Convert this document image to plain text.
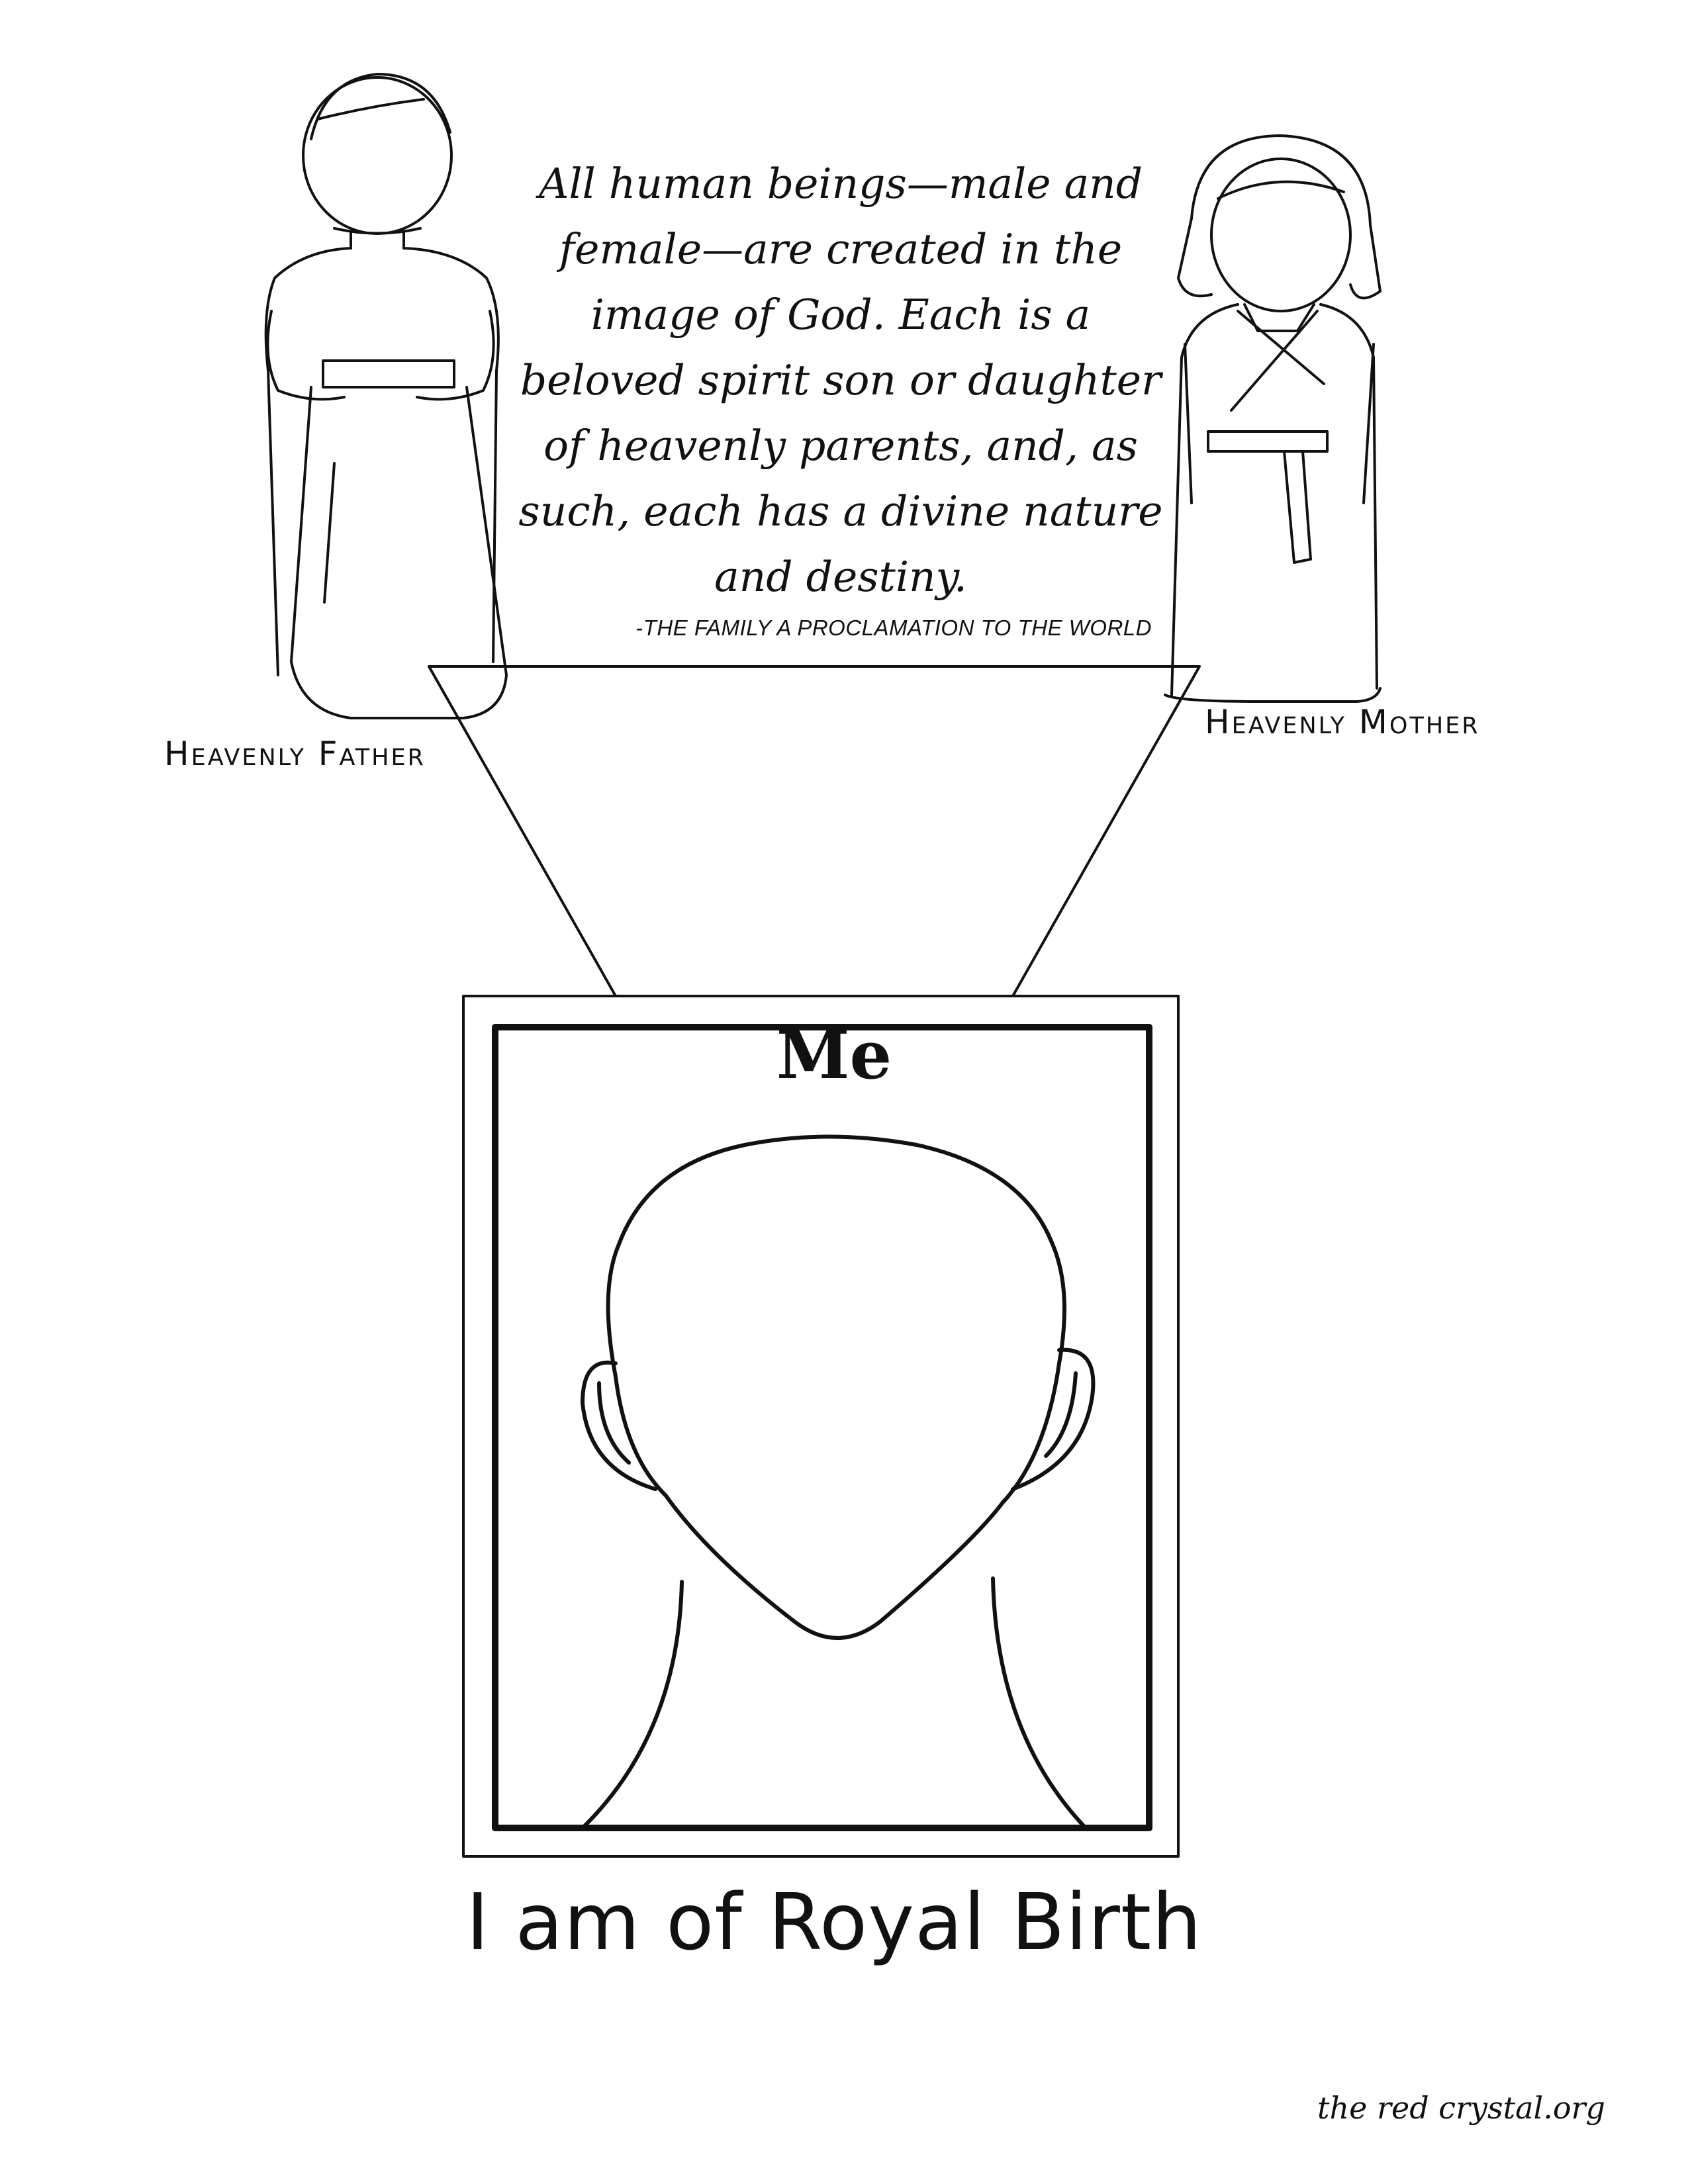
All human beings—male and female—are created in the image of God. Each is a beloved spirit son or daughter of heavenly parents, and, as such, each has a divine nature and destiny.
-THE FAMILY A PROCLAMATION TO THE WORLD
Heavenly Father
Heavenly Mother
Me
I am of Royal Birth
the red crystal.org
